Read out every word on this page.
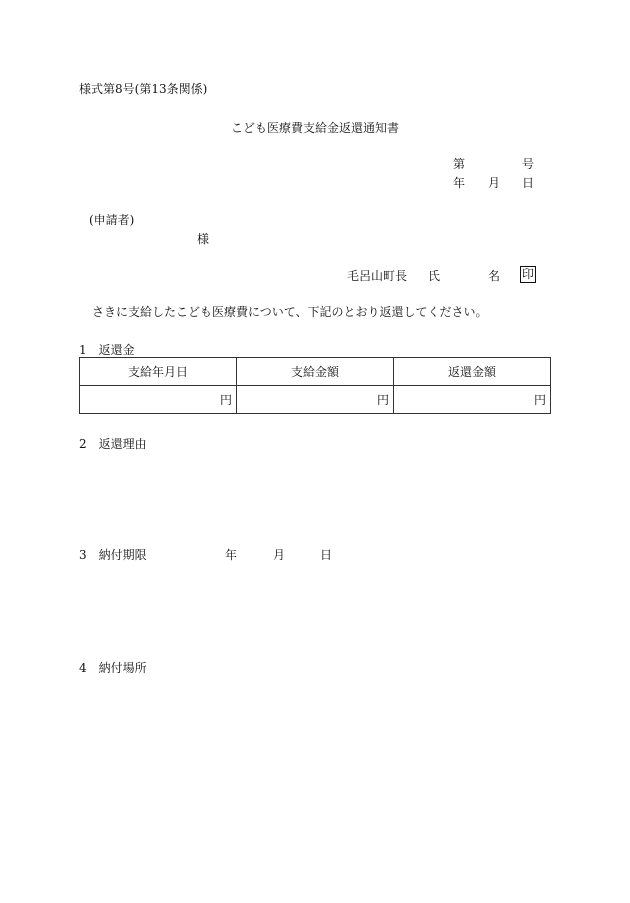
様式第8号(第13条関係)
こども医療費支給金返還通知書
第	号
年 月 日
(申請者)
様
毛呂山町長 氏	名 印
さきに支給したこども医療費について、下記のとおり返還してください。
1　返還金
支給年月日	支給金額	返還金額
円	円	円
2　返還理由
3　納付期限	年	月	日
4　納付場所
